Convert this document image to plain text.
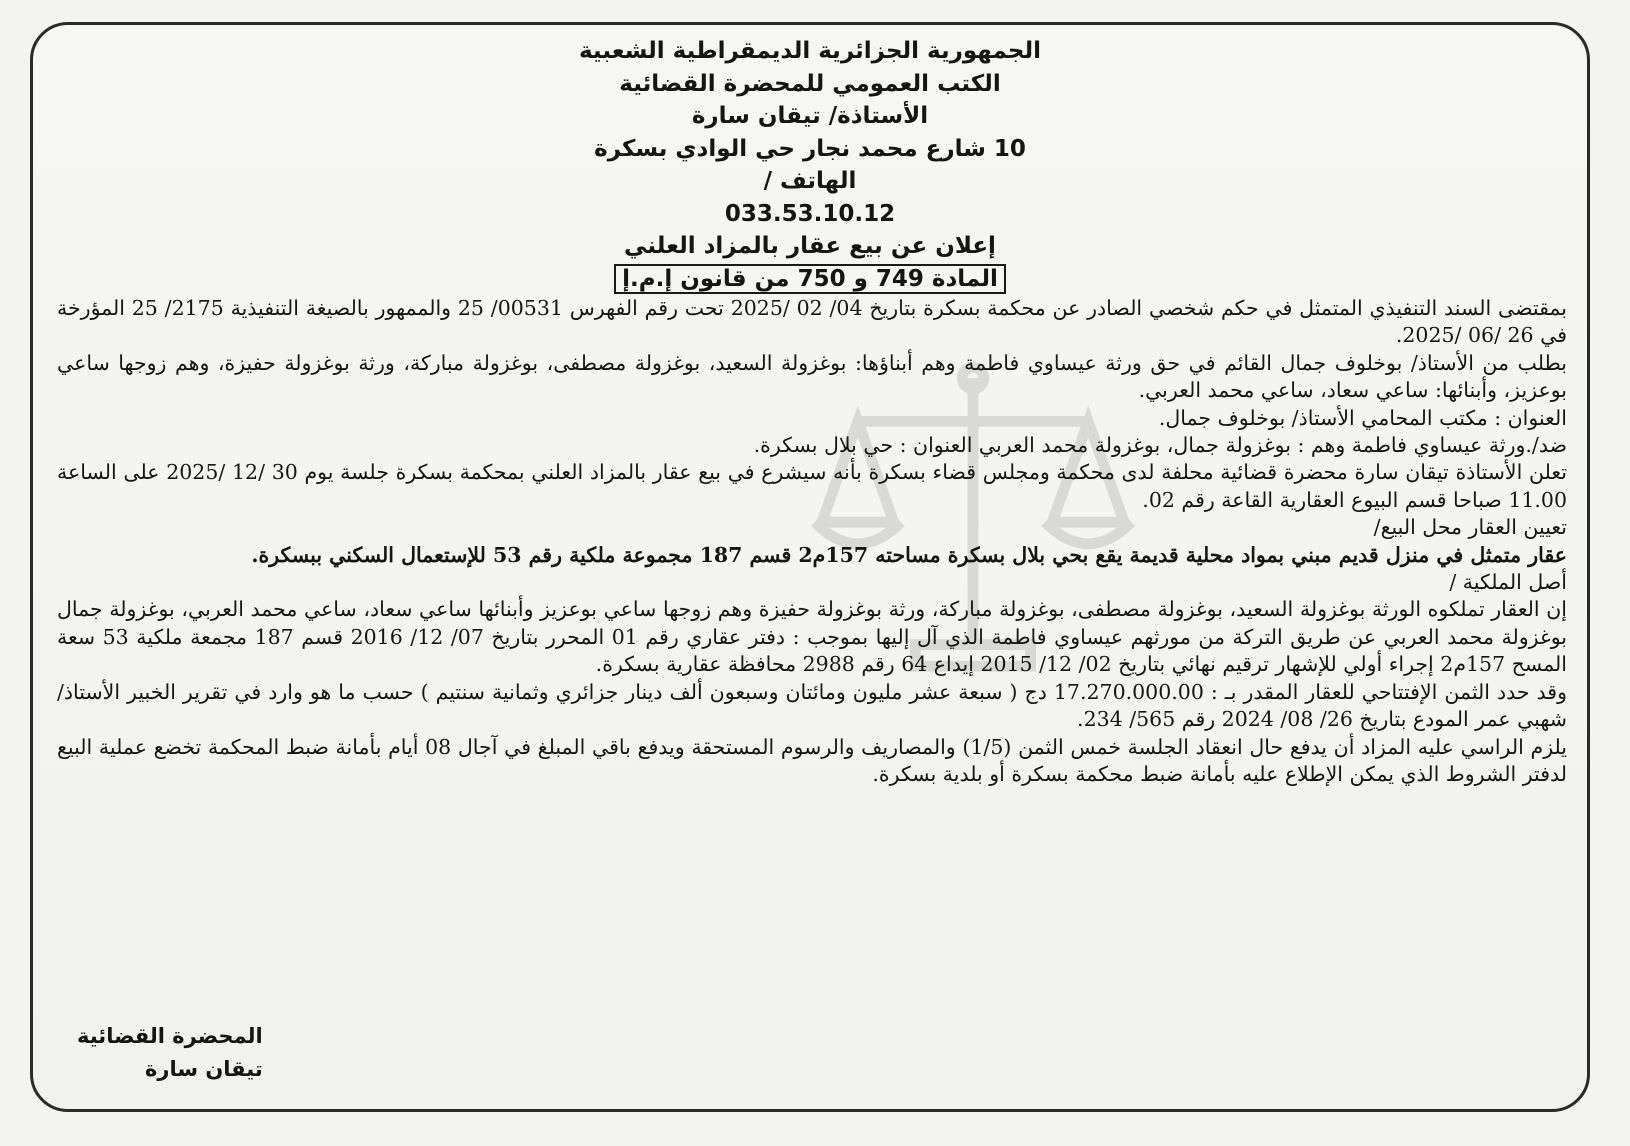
الجمهورية الجزائرية الديمقراطية الشعبية
الكتب العمومي للمحضرة القضائية
الأستاذة/ تيقان سارة
10 شارع محمد نجار حي الوادي بسكرة
الهاتف /
033.53.10.12
إعلان عن بيع عقار بالمزاد العلني
المادة 749 و 750 من قانون إ.م.إ

بمقتضى السند التنفيذي المتمثل في حكم شخصي الصادر عن محكمة بسكرة بتاريخ 04/ 02 /2025 تحت رقم الفهرس 00531/ 25 والممهور بالصيغة التنفيذية 2175/ 25 المؤرخة في 26 /06 /2025.

بطلب من الأستاذ/ بوخلوف جمال القائم في حق ورثة عيساوي فاطمة وهم أبناؤها: بوغزولة السعيد، بوغزولة مصطفى، بوغزولة مباركة، ورثة بوغزولة حفيزة، وهم زوجها ساعي بوعزيز، وأبنائها: ساعي سعاد، ساعي محمد العربي.

العنوان : مكتب المحامي الأستاذ/ بوخلوف جمال.

ضد/.ورثة عيساوي فاطمة وهم : بوغزولة جمال، بوغزولة محمد العربي العنوان : حي بلال بسكرة.

تعلن الأستاذة تيقان سارة محضرة قضائية محلفة لدى محكمة ومجلس قضاء بسكرة بأنه سيشرع في بيع عقار بالمزاد العلني بمحكمة بسكرة جلسة يوم 30 /12 /2025 على الساعة 11.00 صباحا قسم البيوع العقارية القاعة رقم 02.

تعيين العقار محل البيع/

عقار متمثل في منزل قديم مبني بمواد محلية قديمة يقع بحي بلال بسكرة مساحته 157م2 قسم 187 مجموعة ملكية رقم 53 للإستعمال السكني ببسكرة.

أصل الملكية /

إن العقار تملكوه الورثة بوغزولة السعيد، بوغزولة مصطفى، بوغزولة مباركة، ورثة بوغزولة حفيزة وهم زوجها ساعي بوعزيز وأبنائها ساعي سعاد، ساعي محمد العربي، بوغزولة جمال بوغزولة محمد العربي عن طريق التركة من مورثهم عيساوي فاطمة الذي آل إليها بموجب : دفتر عقاري رقم 01 المحرر بتاريخ 07/ 12/ 2016 قسم 187 مجمعة ملكية 53 سعة المسح 157م2 إجراء أولي للإشهار ترقيم نهائي بتاريخ 02/ 12/ 2015 إيداع 64 رقم 2988 محافظة عقارية بسكرة.

وقد حدد الثمن الإفتتاحي للعقار المقدر بـ : 17.270.000.00 دج ( سبعة عشر مليون ومائتان وسبعون ألف دينار جزائري وثمانية سنتيم ) حسب ما هو وارد في تقرير الخبير الأستاذ/ شهبي عمر المودع بتاريخ 26/ 08/ 2024 رقم 565/ 234.

يلزم الراسي عليه المزاد أن يدفع حال انعقاد الجلسة خمس الثمن (1/5) والمصاريف والرسوم المستحقة ويدفع باقي المبلغ في آجال 08 أيام بأمانة ضبط المحكمة تخضع عملية البيع لدفتر الشروط الذي يمكن الإطلاع عليه بأمانة ضبط محكمة بسكرة أو بلدية بسكرة.

المحضرة القضائية
تيقان سارة
